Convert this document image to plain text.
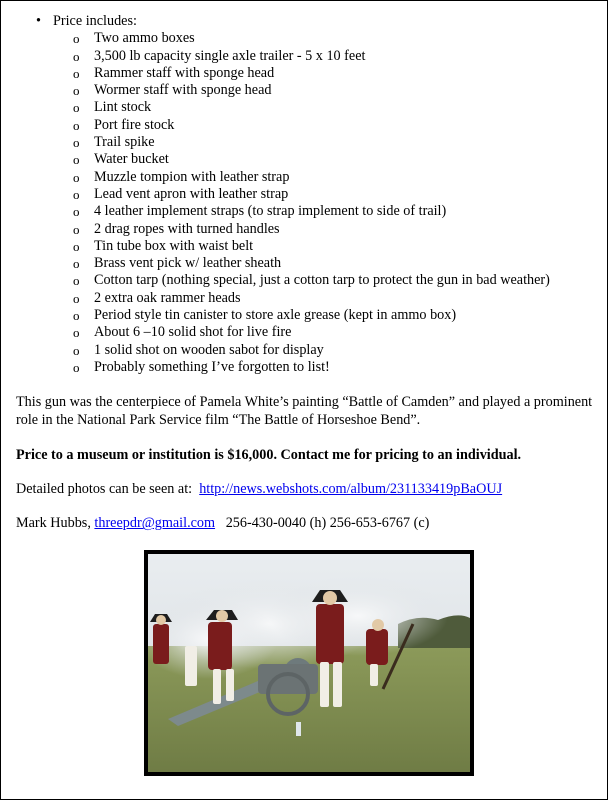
• Price includes:
o Two ammo boxes
o 3,500 lb capacity single axle trailer - 5 x 10 feet
o Rammer staff with sponge head
o Wormer staff with sponge head
o Lint stock
o Port fire stock
o Trail spike
o Water bucket
o Muzzle tompion with leather strap
o Lead vent apron with leather strap
o 4 leather implement straps (to strap implement to side of trail)
o 2 drag ropes with turned handles
o Tin tube box with waist belt
o Brass vent pick w/ leather sheath
o Cotton tarp (nothing special, just a cotton tarp to protect the gun in bad weather)
o 2 extra oak rammer heads
o Period style tin canister to store axle grease (kept in ammo box)
o About 6 –10 solid shot for live fire
o 1 solid shot on wooden sabot for display
o Probably something I’ve forgotten to list!

This gun was the centerpiece of Pamela White’s painting “Battle of Camden” and played a prominent role in the National Park Service film “The Battle of Horseshoe Bend”.

Price to a museum or institution is $16,000. Contact me for pricing to an individual.

Detailed photos can be seen at: http://news.webshots.com/album/231133419pBaOUJ

Mark Hubbs, threepdr@gmail.com 256-430-0040 (h) 256-653-6767 (c)
